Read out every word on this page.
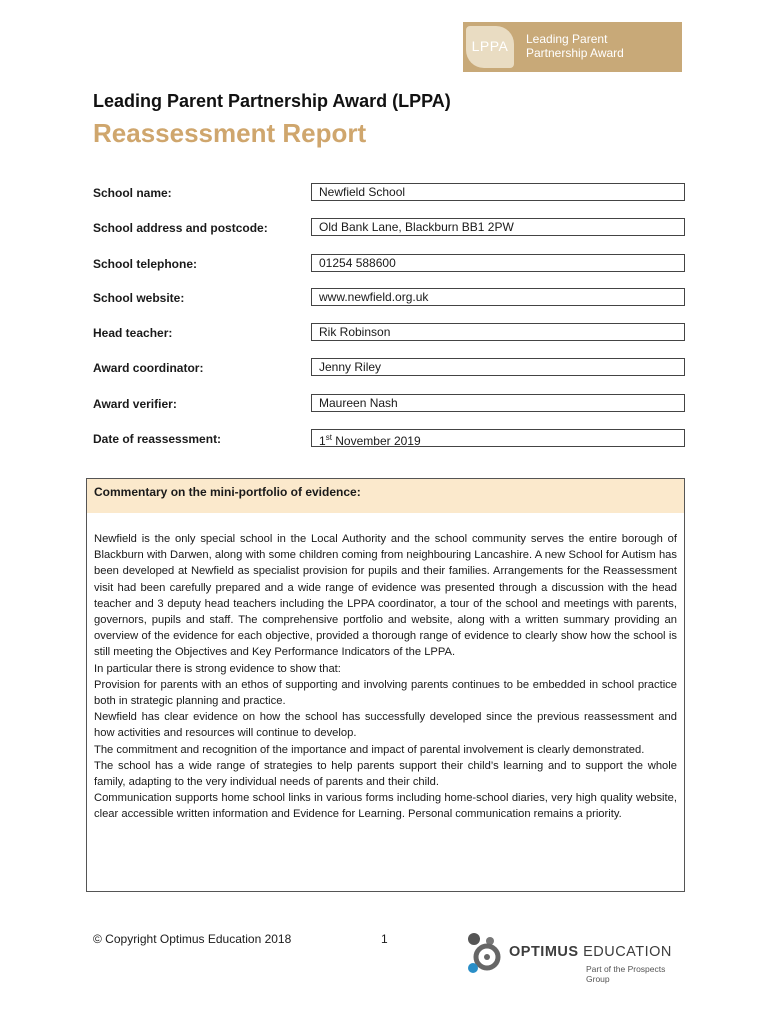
LPPA	Leading Parent
Partnership Award
Leading Parent Partnership Award (LPPA)
Reassessment Report
School name:	Newfield School
School address and postcode:	Old Bank Lane, Blackburn BB1 2PW
School telephone:	01254 588600
School website:	www.newfield.org.uk
Head teacher:	Rik Robinson
Award coordinator:	Jenny Riley
Award verifier:	Maureen Nash
Date of reassessment:	1st November 2019
Commentary on the mini-portfolio of evidence:

Newfield is the only special school in the Local Authority and the school community serves the entire borough of Blackburn with Darwen, along with some children coming from neighbouring Lancashire. A new School for Autism has been developed at Newfield as specialist provision for pupils and their families. Arrangements for the Reassessment visit had been carefully prepared and a wide range of evidence was presented through a discussion with the head teacher and 3 deputy head teachers including the LPPA coordinator, a tour of the school and meetings with parents, governors, pupils and staff. The comprehensive portfolio and website, along with a written summary providing an overview of the evidence for each objective, provided a thorough range of evidence to clearly show how the school is still meeting the Objectives and Key Performance Indicators of the LPPA.

In particular there is strong evidence to show that:

Provision for parents with an ethos of supporting and involving parents continues to be embedded in school practice both in strategic planning and practice.

Newfield has clear evidence on how the school has successfully developed since the previous reassessment and how activities and resources will continue to develop.

The commitment and recognition of the importance and impact of parental involvement is clearly demonstrated.

The school has a wide range of strategies to help parents support their child’s learning and to support the whole family, adapting to the very individual needs of parents and their child.

Communication supports home school links in various forms including home-school diaries, very high quality website, clear accessible written information and Evidence for Learning. Personal communication remains a priority.

© Copyright Optimus Education 2018	1
OPTIMUS EDUCATION
Part of the Prospects Group
